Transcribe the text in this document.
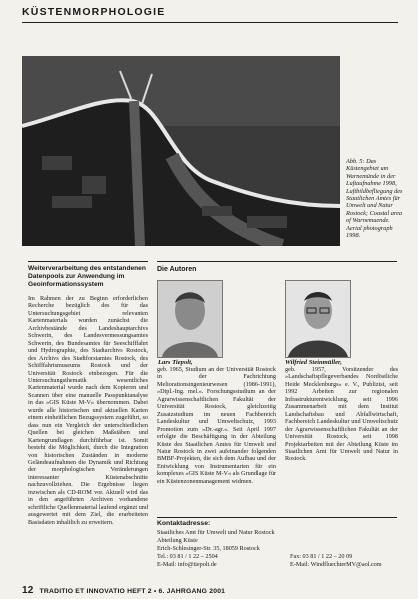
KÜSTENMORPHOLOGIE
Abb. 5: Das Küstengebiet um Warnemünde in der Luftaufnahme 1998, Luftbildbefliegung des Staatlichen Amtes für Umwelt und Natur Rostock; Coastal area of Warnemuende. Aerial photograph 1998.
Weiterverarbeitung des entstandenen Datenpools zur Anwendung im Geoinformationssystem
Im Rahmen der zu Beginn erforderlichen Recherche bezüglich des für das Untersuchungsgebiet relevanten Kartenmaterials wurden zunächst die Archivbestände des Landeshauptarchivs Schwerin, des Landesvermessungsamtes Schwerin, des Bundesamtes für Seeschifffahrt und Hydrographie, des Stadtarchivs Rostock, des Archivs des Stadtforstamtes Rostock, des Schifffahrtsmuseums Rostock und der Universität Rostock einbezogen. Für die Untersuchungsthematik wesentliches Kartenmaterial wurde nach dem Kopieren und Scannen über eine manuelle Passpunktanalyse in das »GIS Küste M-V« übernommen. Dabei wurde alle historischen und aktuellen Karten einem einheitlichen Bezugssystem zugeführt, so dass nun ein Vergleich der unterschiedlichen Quellen bei gleichen Maßstäben und Kartengrundlagen durchführbar ist. Somit besteht die Möglichkeit, durch die Integration von historischen Zuständen in moderne Geländeaufnahmen die Dynamik und Richtung der morphologischen Veränderungen interessanter Küstenabschnitte nachzuvollziehen. Die Ergebnisse liegen inzwischen als CD-ROM vor. Aktuell wird das in den angeführten Archiven vorhandene schriftliche Quellenmaterial laufend ergänzt und ausgewertet mit dem Ziel, die erarbeiteten Basisdaten inhaltlich zu erweitern.
Die Autoren
Lars Tiepolt,
geb. 1965, Studium an der Universität Rostock in der Fachrichtung Meliorationsingenieurwesen (1986-1991), »Dipl.-Ing. mel.«. Forschungsstudium an der Agrarwissenschaftlichen Fakultät der Universität Rostock, gleichzeitig Zusatzstudium im neuen Fachbereich Landeskultur und Umweltschutz, 1993 Promotion zum »Dr.-agr.«. Seit April 1997 erfolgte die Beschäftigung in der Abteilung Küste des Staatlichen Amtes für Umwelt und Natur Rostock in zwei aufeinander folgenden BMBF-Projekten, die sich dem Aufbau und der Entwicklung von Instrumentarien für ein komplexes »GIS Küste M-V« als Grundlage für ein Küstenzonenmanagement widmen.
Wilfried Steinmüller,
geb. 1957, Vorsitzender des »Landschaftspflegeverbandes Nordöstliche Heide Mecklenburgs« e. V., Publizist, seit 1992 Arbeiten zur regionalen Infrastrukturentwicklung, seit 1996 Zusammenarbeit mit dem Institut Landschaftsbau und Abfallwirtschaft, Fachbereich Landeskultur und Umweltschutz der Agrarwissenschaftlichen Fakultät an der Universität Rostock, seit 1998 Projektarbeiten mit der Abteilung Küste im Staatlichen Amt für Umwelt und Natur in Rostock.
Kontaktadresse:
Staatliches Amt für Umwelt und Natur Rostock
Abteilung Küste
Erich-Schlesinger-Str. 35, 18059 Rostock
Tel.: 03 81 / 1 22 – 2504	Fax: 03 81 / 1 22 – 20 09
E-Mail: info@tiepolt.de	E-Mail: WindfluechterMV@aol.com
12 TRADITIO ET INNOVATIO HEFT 2 • 6. JAHRGANG 2001
